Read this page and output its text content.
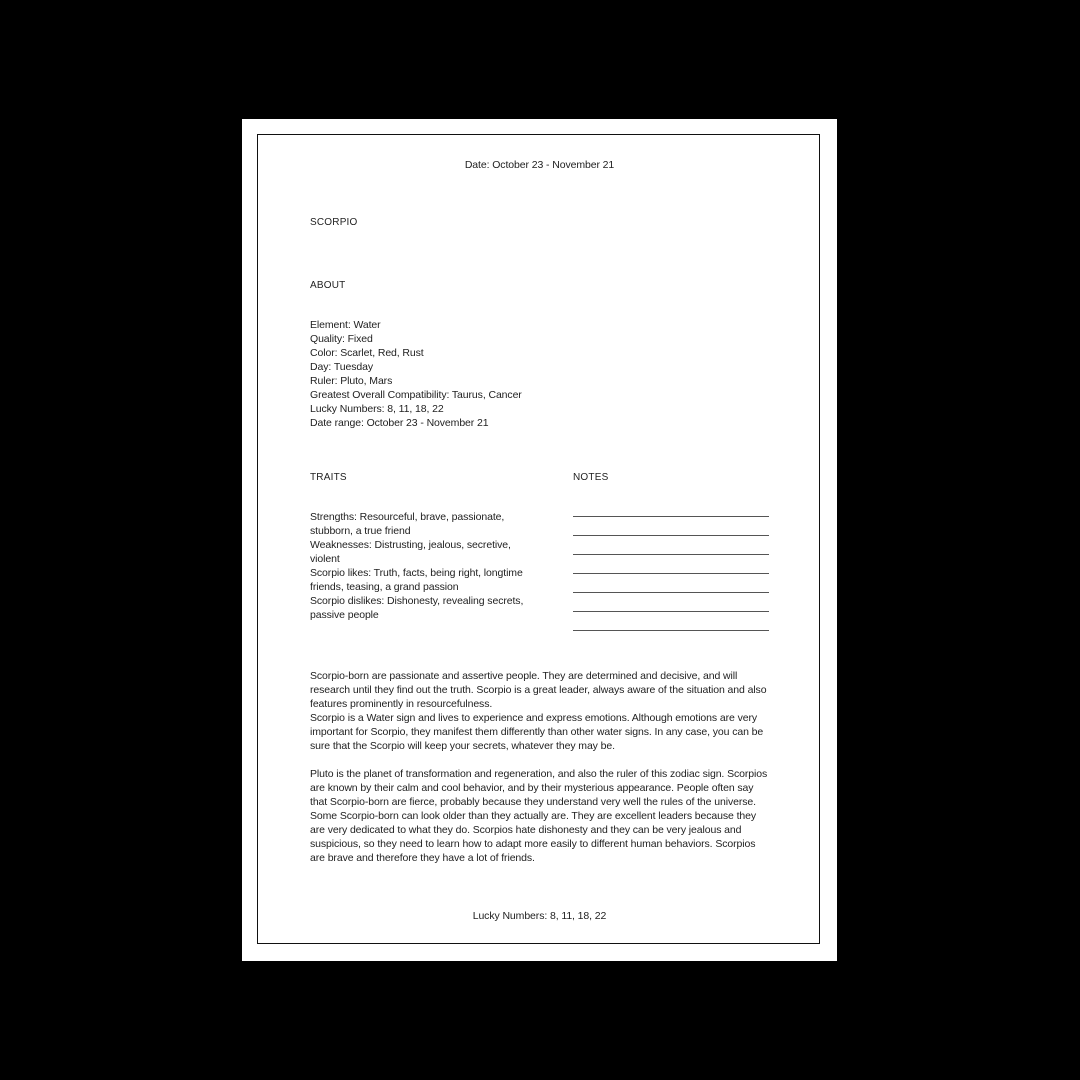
Date: October 23 - November 21
SCORPIO
ABOUT
Element: Water
Quality: Fixed
Color: Scarlet, Red, Rust
Day: Tuesday
Ruler: Pluto, Mars
Greatest Overall Compatibility: Taurus, Cancer
Lucky Numbers: 8, 11, 18, 22
Date range: October 23 - November 21
TRAITS	NOTES
Strengths: Resourceful, brave, passionate, stubborn, a true friend
Weaknesses: Distrusting, jealous, secretive, violent
Scorpio likes: Truth, facts, being right, longtime friends, teasing, a grand passion
Scorpio dislikes: Dishonesty, revealing secrets, passive people

Scorpio-born are passionate and assertive people. They are determined and decisive, and will research until they find out the truth. Scorpio is a great leader, always aware of the situation and also features prominently in resourcefulness.

Scorpio is a Water sign and lives to experience and express emotions. Although emotions are very important for Scorpio, they manifest them differently than other water signs. In any case, you can be sure that the Scorpio will keep your secrets, whatever they may be.

Pluto is the planet of transformation and regeneration, and also the ruler of this zodiac sign. Scorpios are known by their calm and cool behavior, and by their mysterious appearance. People often say that Scorpio-born are fierce, probably because they understand very well the rules of the universe. Some Scorpio-born can look older than they actually are. They are excellent leaders because they are very dedicated to what they do. Scorpios hate dishonesty and they can be very jealous and suspicious, so they need to learn how to adapt more easily to different human behaviors. Scorpios are brave and therefore they have a lot of friends.

Lucky Numbers: 8, 11, 18, 22
